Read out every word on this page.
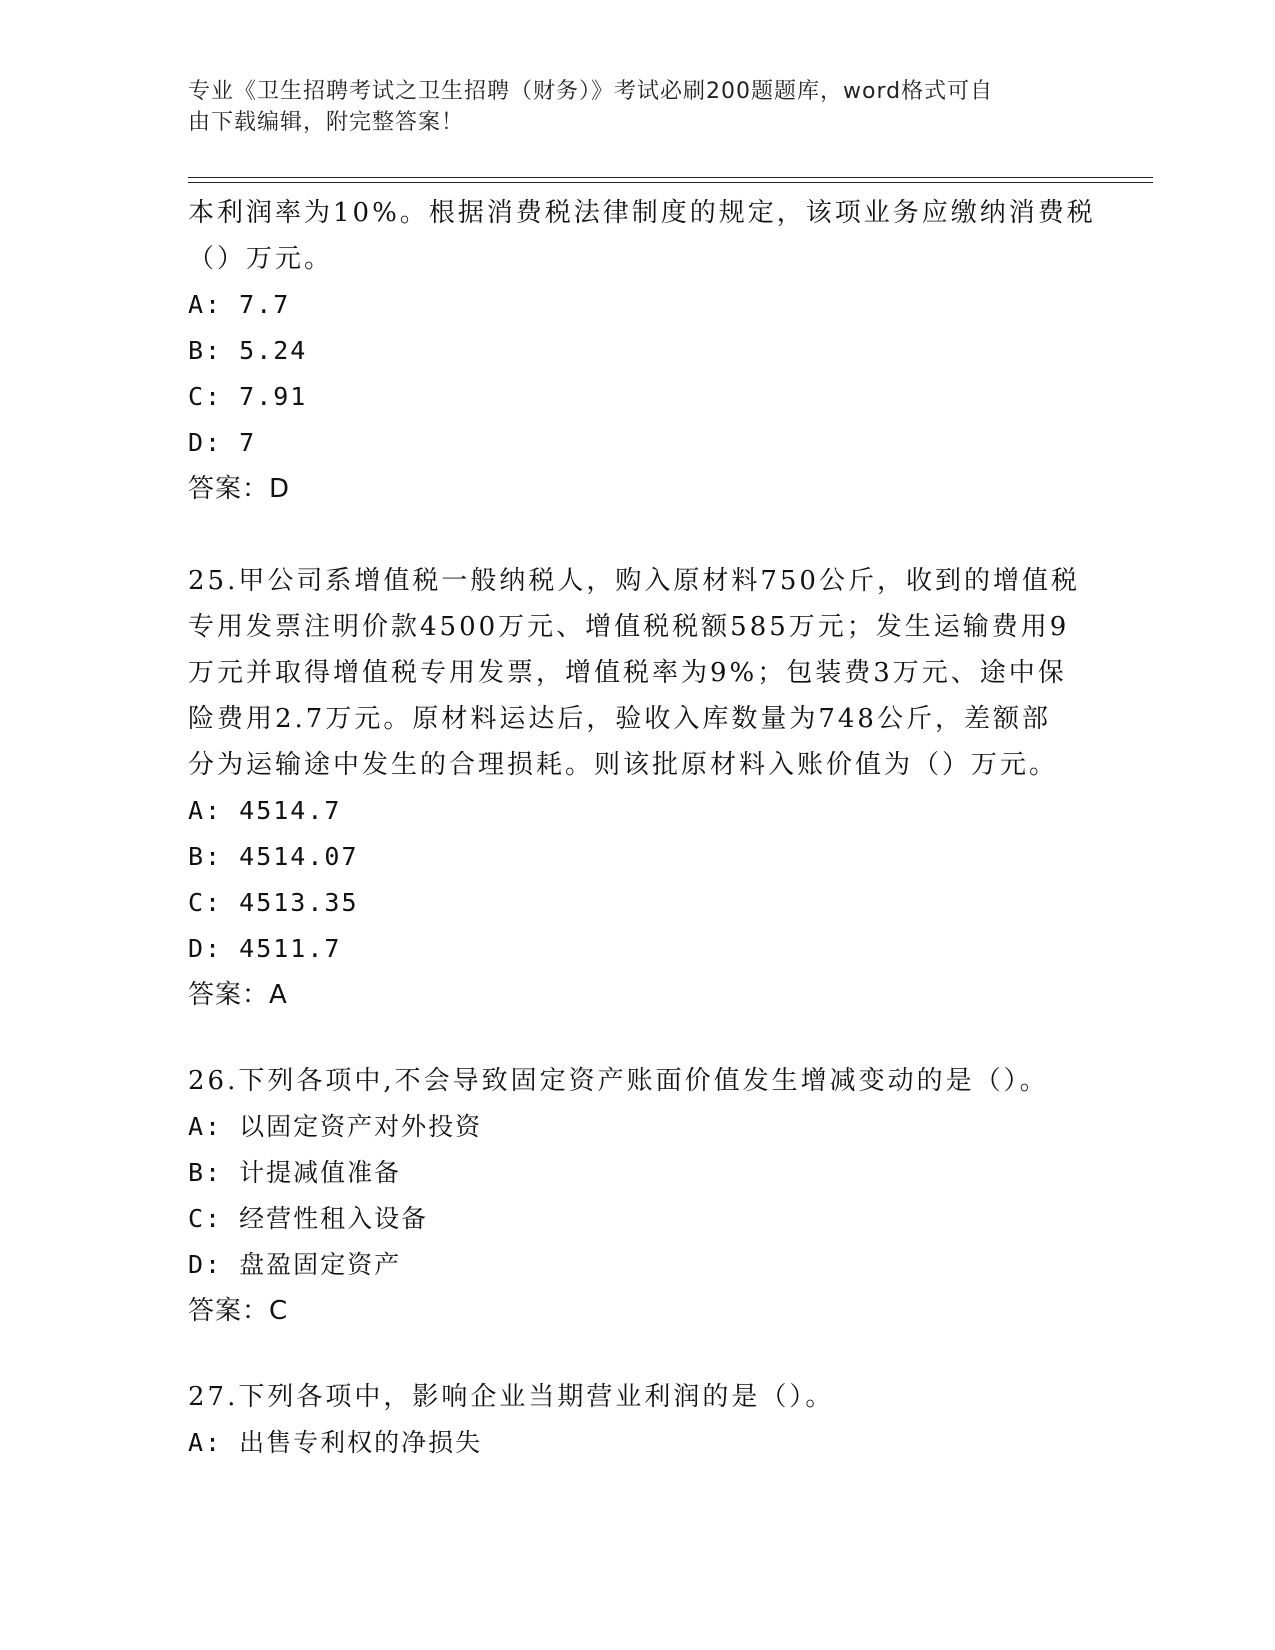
专业《卫生招聘考试之卫生招聘（财务）》考试必刷200题题库，word格式可自
由下载编辑，附完整答案！
本利润率为10%。根据消费税法律制度的规定，该项业务应缴纳消费税
（）万元。
A: 7.7
B: 5.24
C: 7.91
D: 7
答案：D
25.甲公司系增值税一般纳税人，购入原材料750公斤，收到的增值税
专用发票注明价款4500万元、增值税税额585万元；发生运输费用9
万元并取得增值税专用发票，增值税率为9%；包装费3万元、途中保
险费用2.7万元。原材料运达后，验收入库数量为748公斤，差额部
分为运输途中发生的合理损耗。则该批原材料入账价值为（）万元。
A: 4514.7
B: 4514.07
C: 4513.35
D: 4511.7
答案：A
26.下列各项中,不会导致固定资产账面价值发生增减变动的是（）。
A: 以固定资产对外投资
B: 计提减值准备
C: 经营性租入设备
D: 盘盈固定资产
答案：C
27.下列各项中，影响企业当期营业利润的是（）。
A: 出售专利权的净损失
